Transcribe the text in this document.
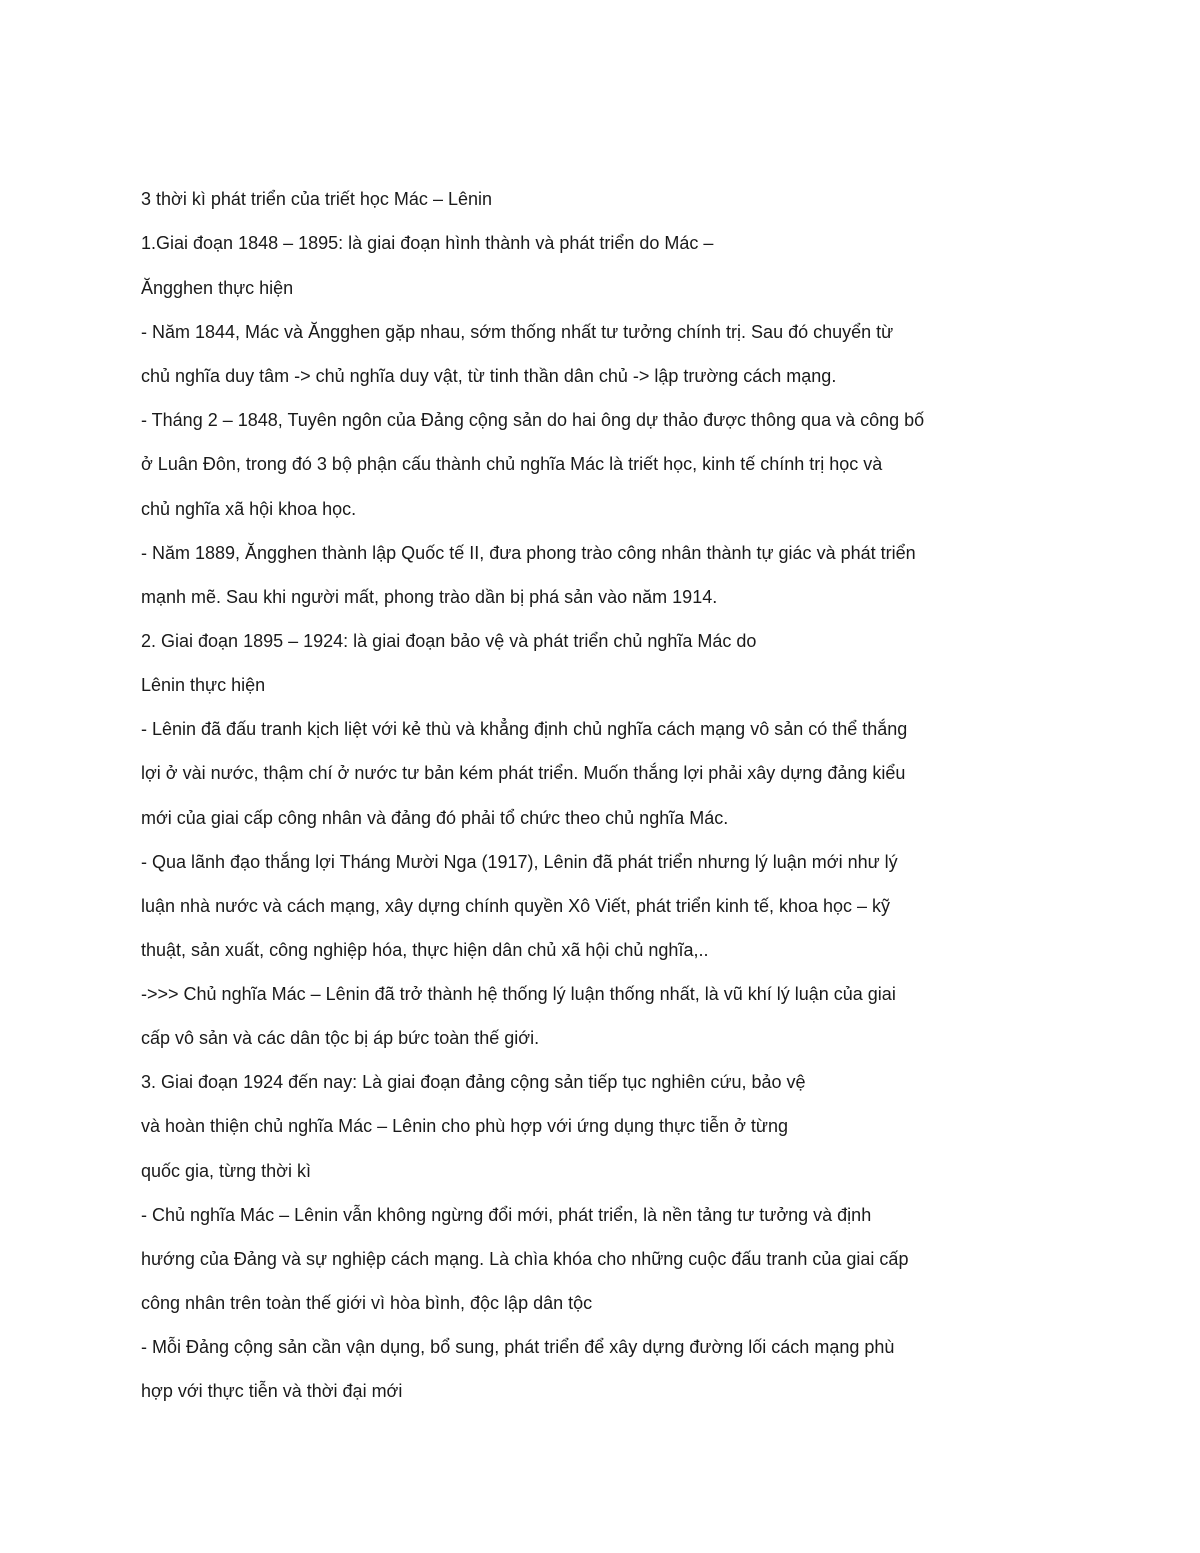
3 thời kì phát triển của triết học Mác – Lênin

1.Giai đoạn 1848 – 1895: là giai đoạn hình thành và phát triển do Mác –

Ăngghen thực hiện

- Năm 1844, Mác và Ăngghen gặp nhau, sớm thống nhất tư tưởng chính trị. Sau đó chuyển từ

chủ nghĩa duy tâm -> chủ nghĩa duy vật, từ tinh thần dân chủ -> lập trường cách mạng.

- Tháng 2 – 1848, Tuyên ngôn của Đảng cộng sản do hai ông dự thảo được thông qua và công bố

ở Luân Đôn, trong đó 3 bộ phận cấu thành chủ nghĩa Mác là triết học, kinh tế chính trị học và

chủ nghĩa xã hội khoa học.

- Năm 1889, Ăngghen thành lập Quốc tế II, đưa phong trào công nhân thành tự giác và phát triển

mạnh mẽ. Sau khi người mất, phong trào dần bị phá sản vào năm 1914.

2. Giai đoạn 1895 – 1924: là giai đoạn bảo vệ và phát triển chủ nghĩa Mác do

Lênin thực hiện

- Lênin đã đấu tranh kịch liệt với kẻ thù và khẳng định chủ nghĩa cách mạng vô sản có thể thắng

lợi ở vài nước, thậm chí ở nước tư bản kém phát triển. Muốn thắng lợi phải xây dựng đảng kiểu

mới của giai cấp công nhân và đảng đó phải tổ chức theo chủ nghĩa Mác.

- Qua lãnh đạo thắng lợi Tháng Mười Nga (1917), Lênin đã phát triển nhưng lý luận mới như lý

luận nhà nước và cách mạng, xây dựng chính quyền Xô Viết, phát triển kinh tế, khoa học – kỹ

thuật, sản xuất, công nghiệp hóa, thực hiện dân chủ xã hội chủ nghĩa,..

->>> Chủ nghĩa Mác – Lênin đã trở thành hệ thống lý luận thống nhất, là vũ khí lý luận của giai

cấp vô sản và các dân tộc bị áp bức toàn thế giới.

3. Giai đoạn 1924 đến nay: Là giai đoạn đảng cộng sản tiếp tục nghiên cứu, bảo vệ

và hoàn thiện chủ nghĩa Mác – Lênin cho phù hợp với ứng dụng thực tiễn ở từng

quốc gia, từng thời kì

- Chủ nghĩa Mác – Lênin vẫn không ngừng đổi mới, phát triển, là nền tảng tư tưởng và định

hướng của Đảng và sự nghiệp cách mạng. Là chìa khóa cho những cuộc đấu tranh của giai cấp

công nhân trên toàn thế giới vì hòa bình, độc lập dân tộc

- Mỗi Đảng cộng sản cần vận dụng, bổ sung, phát triển để xây dựng đường lối cách mạng phù

hợp với thực tiễn và thời đại mới
